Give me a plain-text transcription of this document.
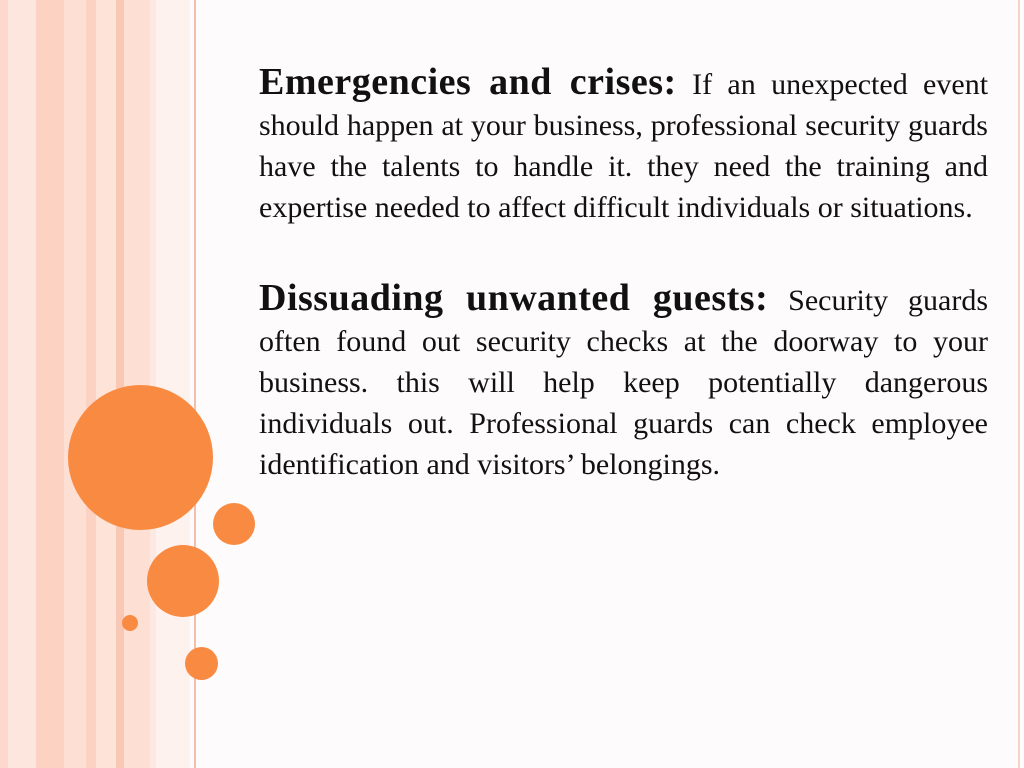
Emergencies and crises: If an unexpected event should happen at your business, professional security guards have the talents to handle it. they need the training and expertise needed to affect difficult individuals or situations.

Dissuading unwanted guests: Security guards often found out security checks at the doorway to your business. this will help keep potentially dangerous individuals out. Professional guards can check employee identification and visitors’ belongings.
